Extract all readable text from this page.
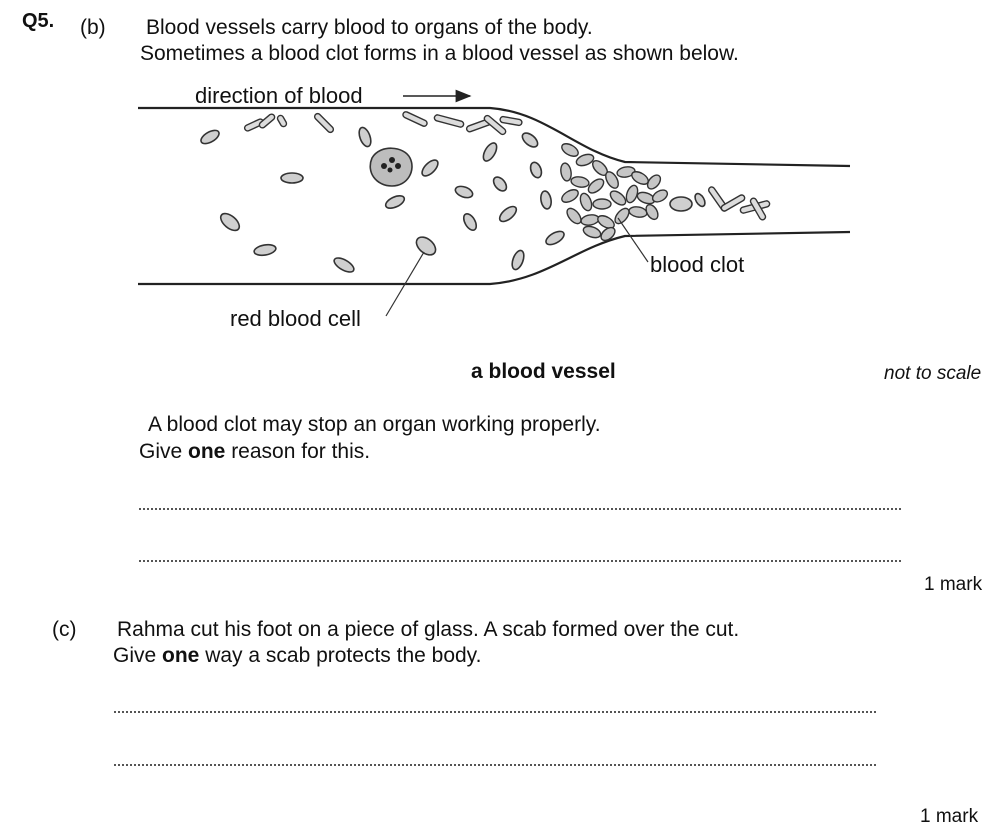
Q5. (b) Blood vessels carry blood to organs of the body.
Sometimes a blood clot forms in a blood vessel as shown below.
direction of blood
blood clot
red blood cell
a blood vessel	not to scale
A blood clot may stop an organ working properly.
Give one reason for this.
1 mark
(c) Rahma cut his foot on a piece of glass. A scab formed over the cut.
Give one way a scab protects the body.
1 mark
